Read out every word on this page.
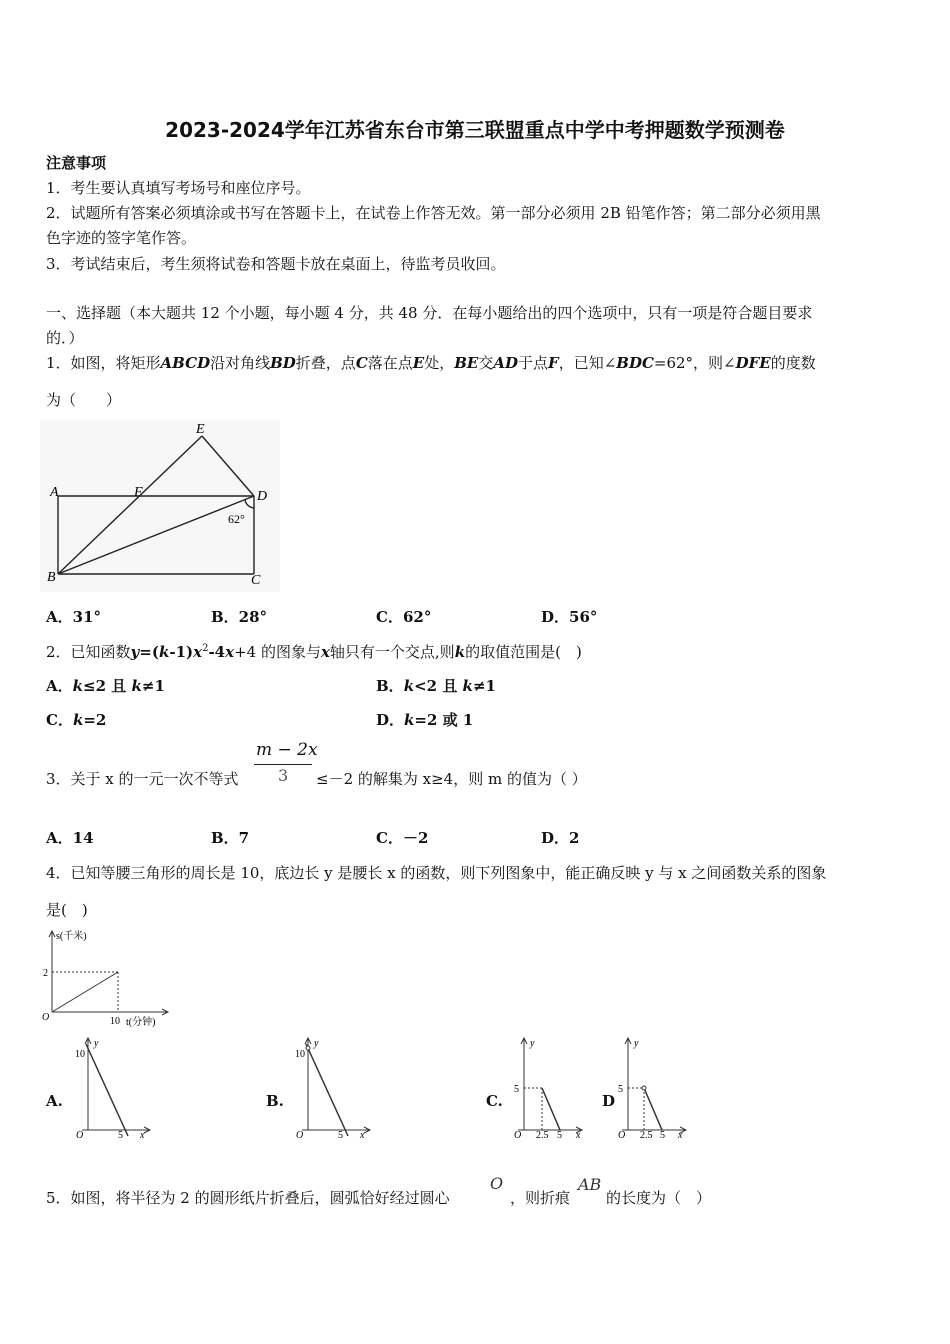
2023-2024学年江苏省东台市第三联盟重点中学中考押题数学预测卷
注意事项
1．考生要认真填写考场号和座位序号。
2．试题所有答案必须填涂或书写在答题卡上，在试卷上作答无效。第一部分必须用 2B 铅笔作答；第二部分必须用黑
色字迹的签字笔作答。
3．考试结束后，考生须将试卷和答题卡放在桌面上，待监考员收回。
一、选择题（本大题共 12 个小题，每小题 4 分，共 48 分．在每小题给出的四个选项中，只有一项是符合题目要求
的．）
1．如图，将矩形ABCD沿对角线BD折叠，点C落在点E处，BE交AD于点F，已知∠BDC=62°，则∠DFE的度数
为（　　）
A
B	C
D
E
F
62°
A．31°	B．28°	C．62°	D．56°
2．已知函数$y=(k-1)x^2-4x+4$ 的图象与x轴只有一个交点,则k的取值范围是(　)
A．k≤2 且 k≠1	B．k<2 且 k≠1
C．k=2	D．k=2 或 1
3．关于 x 的一元一次不等式
m − 2x
3 ≤－2 的解集为 x≥4，则 m 的值为（ ）
A．14	B．7	C．－2	D．2
4．已知等腰三角形的周长是 10，底边长 y 是腰长 x 的函数，则下列图象中，能正确反映 y 与 x 之间函数关系的图象
是(　)
s(千米)
2
O	10 t(分钟)
A.
y
10
O	5 x
B.
y
10
O	5 x
C.
y
5
O 2.5 5 x
D
y
5
O 2.5 5 x
5．如图，将半径为 2 的圆形纸片折叠后，圆弧恰好经过圆心
O
，则折痕
AB
的长度为（　）
